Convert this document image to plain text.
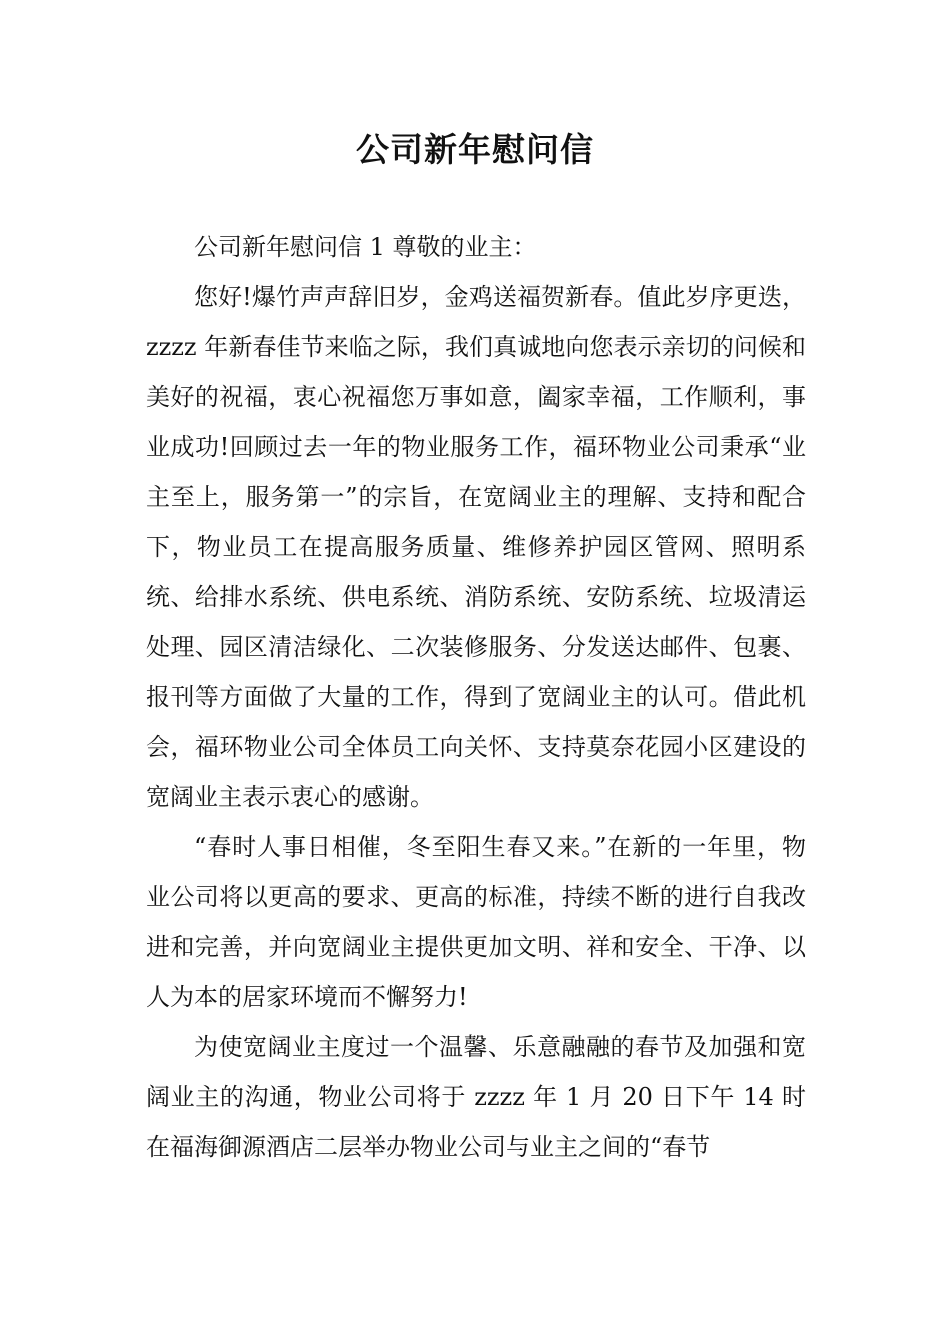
公司新年慰问信

公司新年慰问信 1 尊敬的业主：

您好!爆竹声声辞旧岁，金鸡送福贺新春。值此岁序更迭，zzzz 年新春佳节来临之际，我们真诚地向您表示亲切的问候和美好的祝福，衷心祝福您万事如意，阖家幸福，工作顺利，事业成功!回顾过去一年的物业服务工作，福环物业公司秉承“业主至上，服务第一”的宗旨，在宽阔业主的理解、支持和配合下，物业员工在提高服务质量、维修养护园区管网、照明系统、给排水系统、供电系统、消防系统、安防系统、垃圾清运处理、园区清洁绿化、二次装修服务、分发送达邮件、包裹、报刊等方面做了大量的工作，得到了宽阔业主的认可。借此机会，福环物业公司全体员工向关怀、支持莫奈花园小区建设的宽阔业主表示衷心的感谢。

“春时人事日相催，冬至阳生春又来。”在新的一年里，物业公司将以更高的要求、更高的标准，持续不断的进行自我改进和完善，并向宽阔业主提供更加文明、祥和安全、干净、以人为本的居家环境而不懈努力!

为使宽阔业主度过一个温馨、乐意融融的春节及加强和宽阔业主的沟通，物业公司将于 zzzz 年 1 月 20 日下午 14 时在福海御源酒店二层举办物业公司与业主之间的“春节
